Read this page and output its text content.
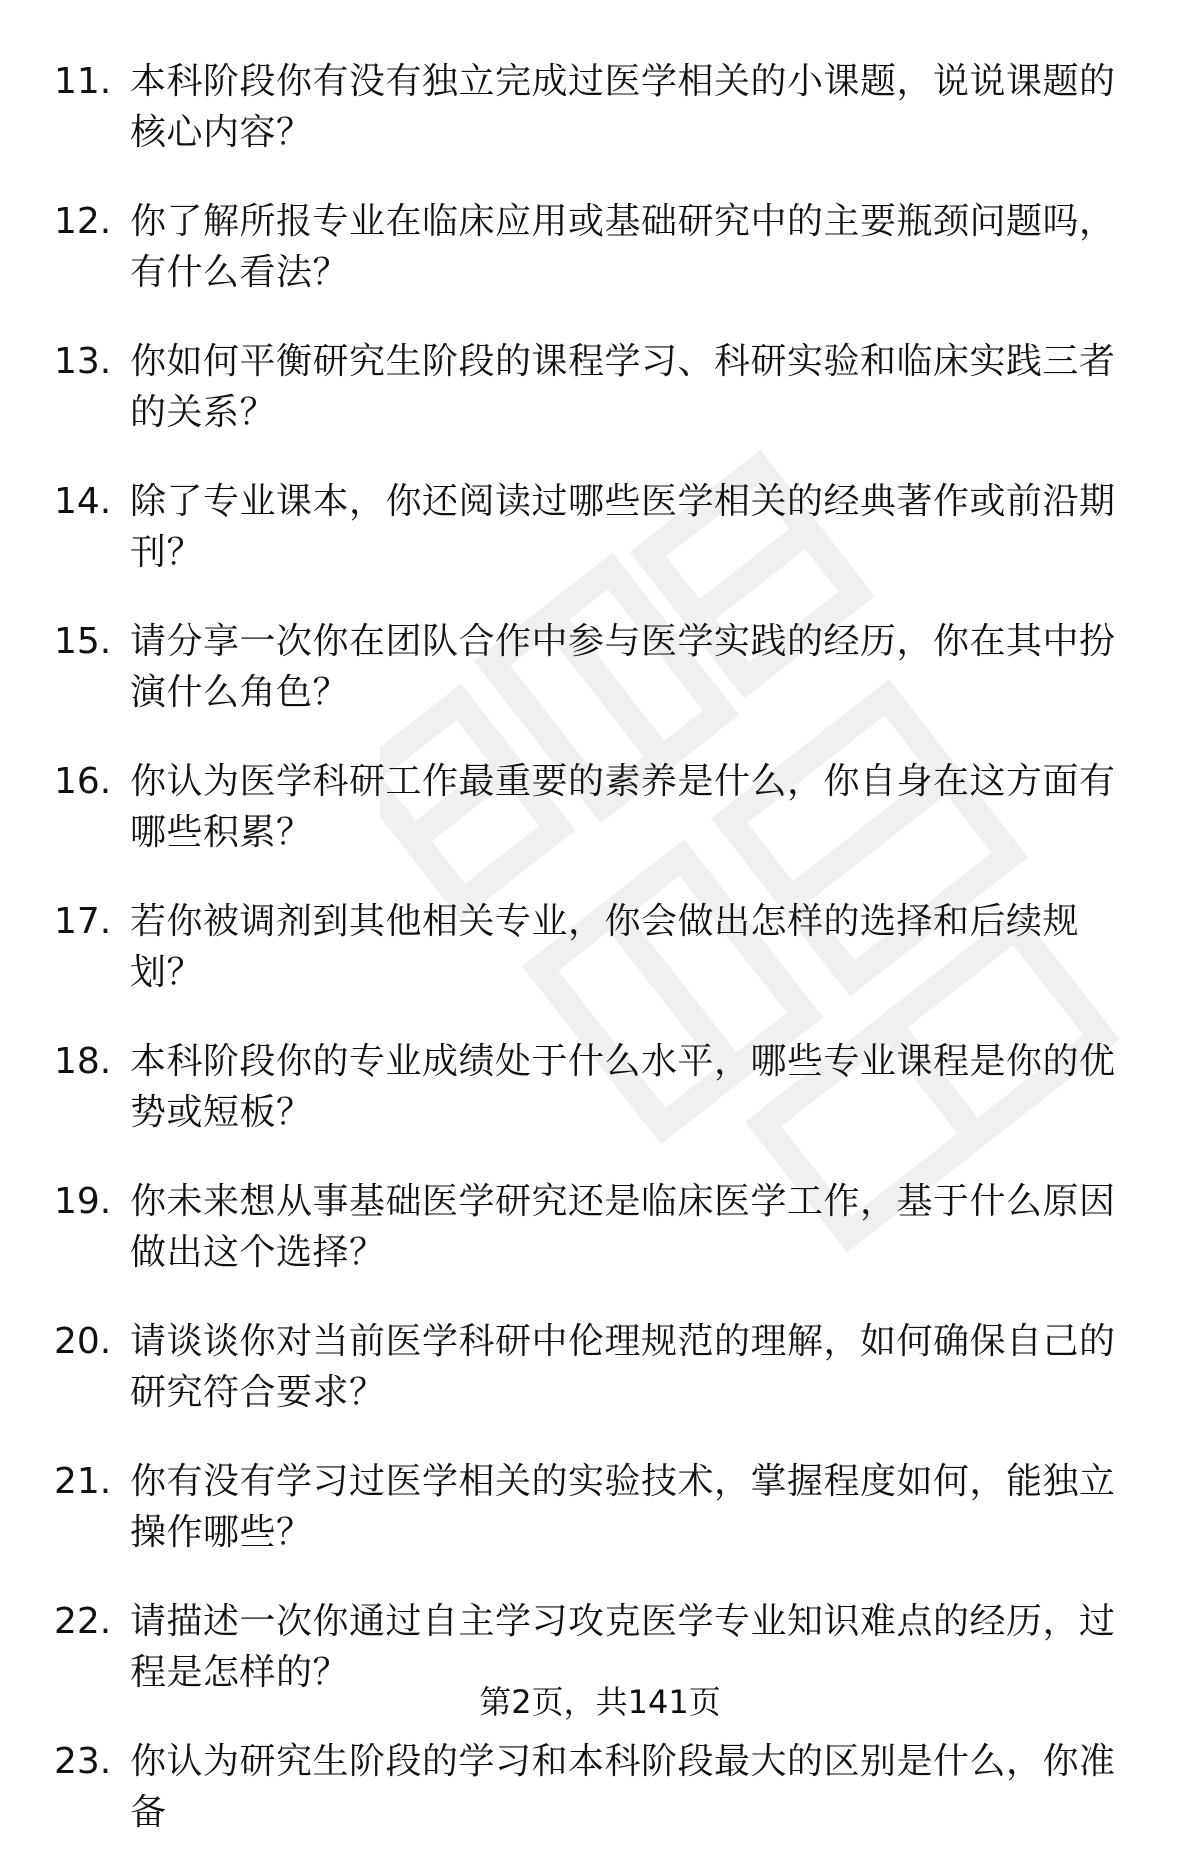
11. 本科阶段你有没有独立完成过医学相关的小课题，说说课题的核心内容？
12. 你了解所报专业在临床应用或基础研究中的主要瓶颈问题吗，有什么看法？
13. 你如何平衡研究生阶段的课程学习、科研实验和临床实践三者的关系？
14. 除了专业课本，你还阅读过哪些医学相关的经典著作或前沿期刊？
15. 请分享一次你在团队合作中参与医学实践的经历，你在其中扮演什么角色？
16. 你认为医学科研工作最重要的素养是什么，你自身在这方面有哪些积累？
17. 若你被调剂到其他相关专业，你会做出怎样的选择和后续规划？
18. 本科阶段你的专业成绩处于什么水平，哪些专业课程是你的优势或短板？
19. 你未来想从事基础医学研究还是临床医学工作，基于什么原因做出这个选择？
20. 请谈谈你对当前医学科研中伦理规范的理解，如何确保自己的研究符合要求？
21. 你有没有学习过医学相关的实验技术，掌握程度如何，能独立操作哪些？
22. 请描述一次你通过自主学习攻克医学专业知识难点的经历，过程是怎样的？
23. 你认为研究生阶段的学习和本科阶段最大的区别是什么，你准备
第2页，共141页
